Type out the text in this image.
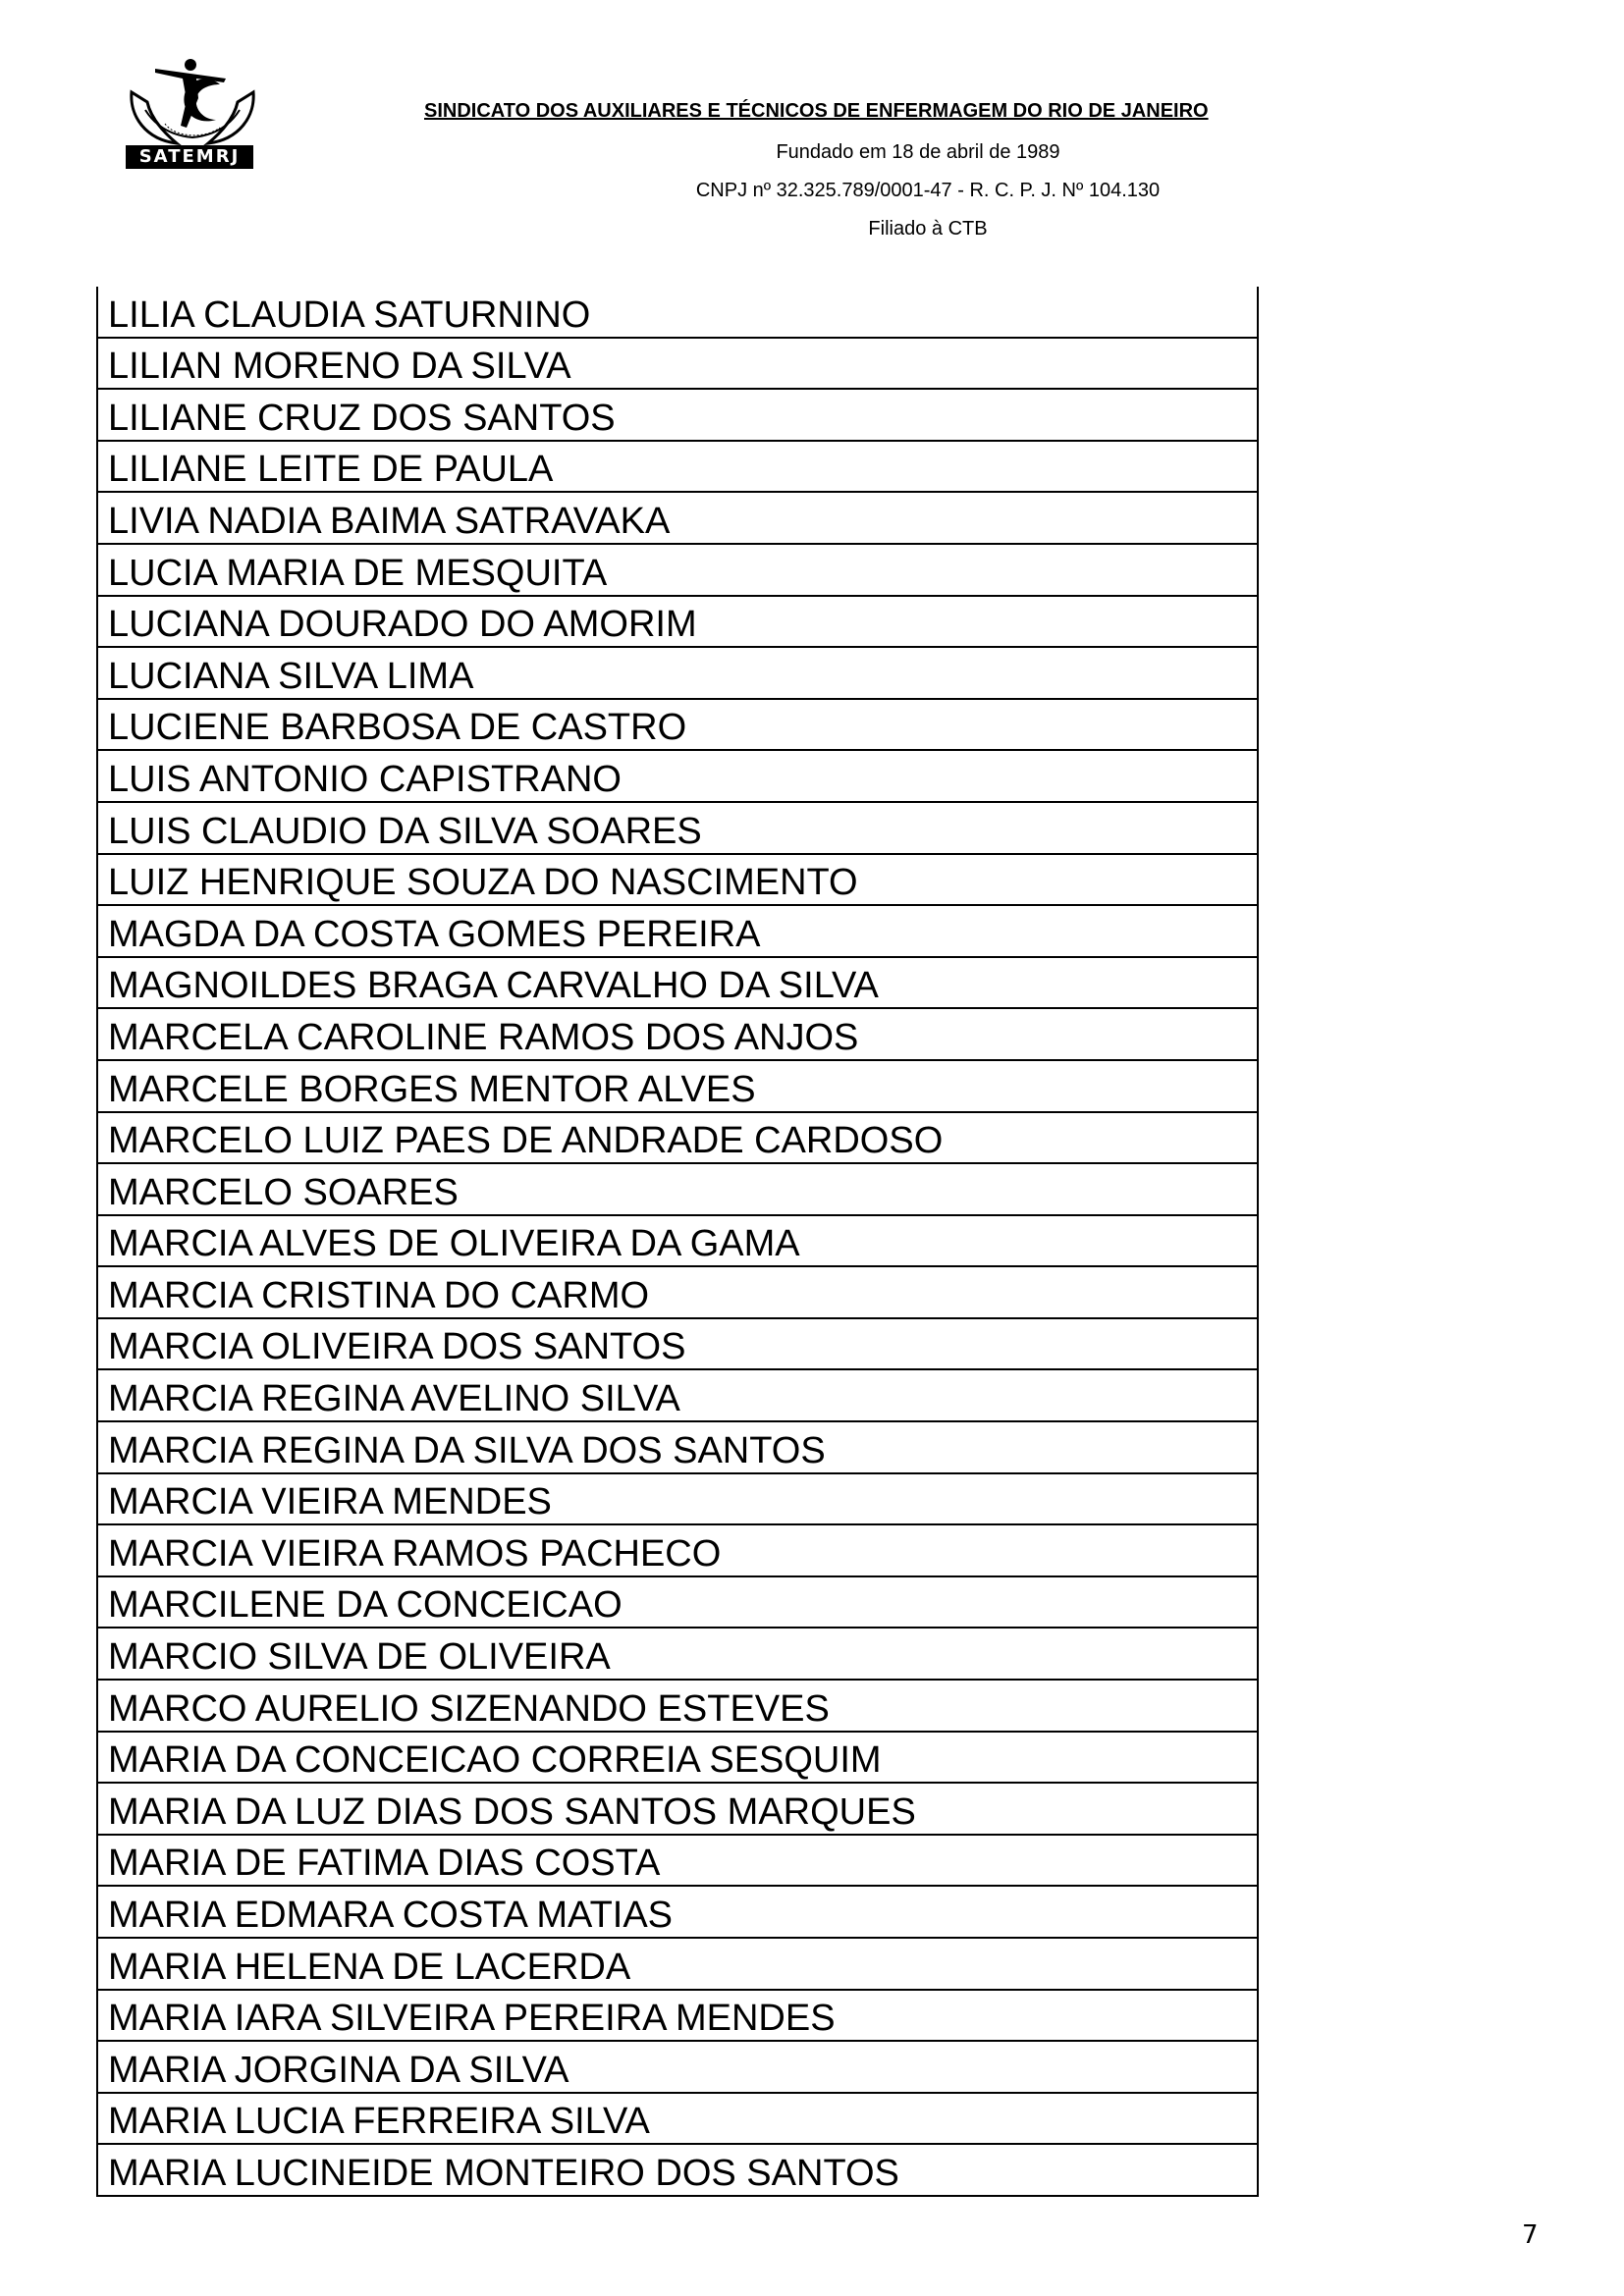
SATEMRJ
SINDICATO DOS AUXILIARES E TÉCNICOS DE ENFERMAGEM DO RIO DE JANEIRO
Fundado em 18 de abril de 1989
CNPJ nº 32.325.789/0001-47 - R. C. P. J. Nº 104.130
Filiado à CTB
LILIA CLAUDIA SATURNINO
LILIAN MORENO DA SILVA
LILIANE CRUZ DOS SANTOS
LILIANE LEITE DE PAULA
LIVIA NADIA BAIMA SATRAVAKA
LUCIA MARIA DE MESQUITA
LUCIANA DOURADO DO AMORIM
LUCIANA SILVA LIMA
LUCIENE BARBOSA DE CASTRO
LUIS ANTONIO CAPISTRANO
LUIS CLAUDIO DA SILVA SOARES
LUIZ HENRIQUE SOUZA DO NASCIMENTO
MAGDA DA COSTA GOMES PEREIRA
MAGNOILDES BRAGA CARVALHO DA SILVA
MARCELA CAROLINE RAMOS DOS ANJOS
MARCELE BORGES MENTOR ALVES
MARCELO LUIZ PAES DE ANDRADE CARDOSO
MARCELO SOARES
MARCIA ALVES DE OLIVEIRA DA GAMA
MARCIA CRISTINA DO CARMO
MARCIA OLIVEIRA DOS SANTOS
MARCIA REGINA AVELINO SILVA
MARCIA REGINA DA SILVA DOS SANTOS
MARCIA VIEIRA MENDES
MARCIA VIEIRA RAMOS PACHECO
MARCILENE DA CONCEICAO
MARCIO SILVA DE OLIVEIRA
MARCO AURELIO SIZENANDO ESTEVES
MARIA DA CONCEICAO CORREIA SESQUIM
MARIA DA LUZ DIAS DOS SANTOS MARQUES
MARIA DE FATIMA DIAS COSTA
MARIA EDMARA COSTA MATIAS
MARIA HELENA DE LACERDA
MARIA IARA SILVEIRA PEREIRA MENDES
MARIA JORGINA DA SILVA
MARIA LUCIA FERREIRA SILVA
MARIA LUCINEIDE MONTEIRO DOS SANTOS
7
